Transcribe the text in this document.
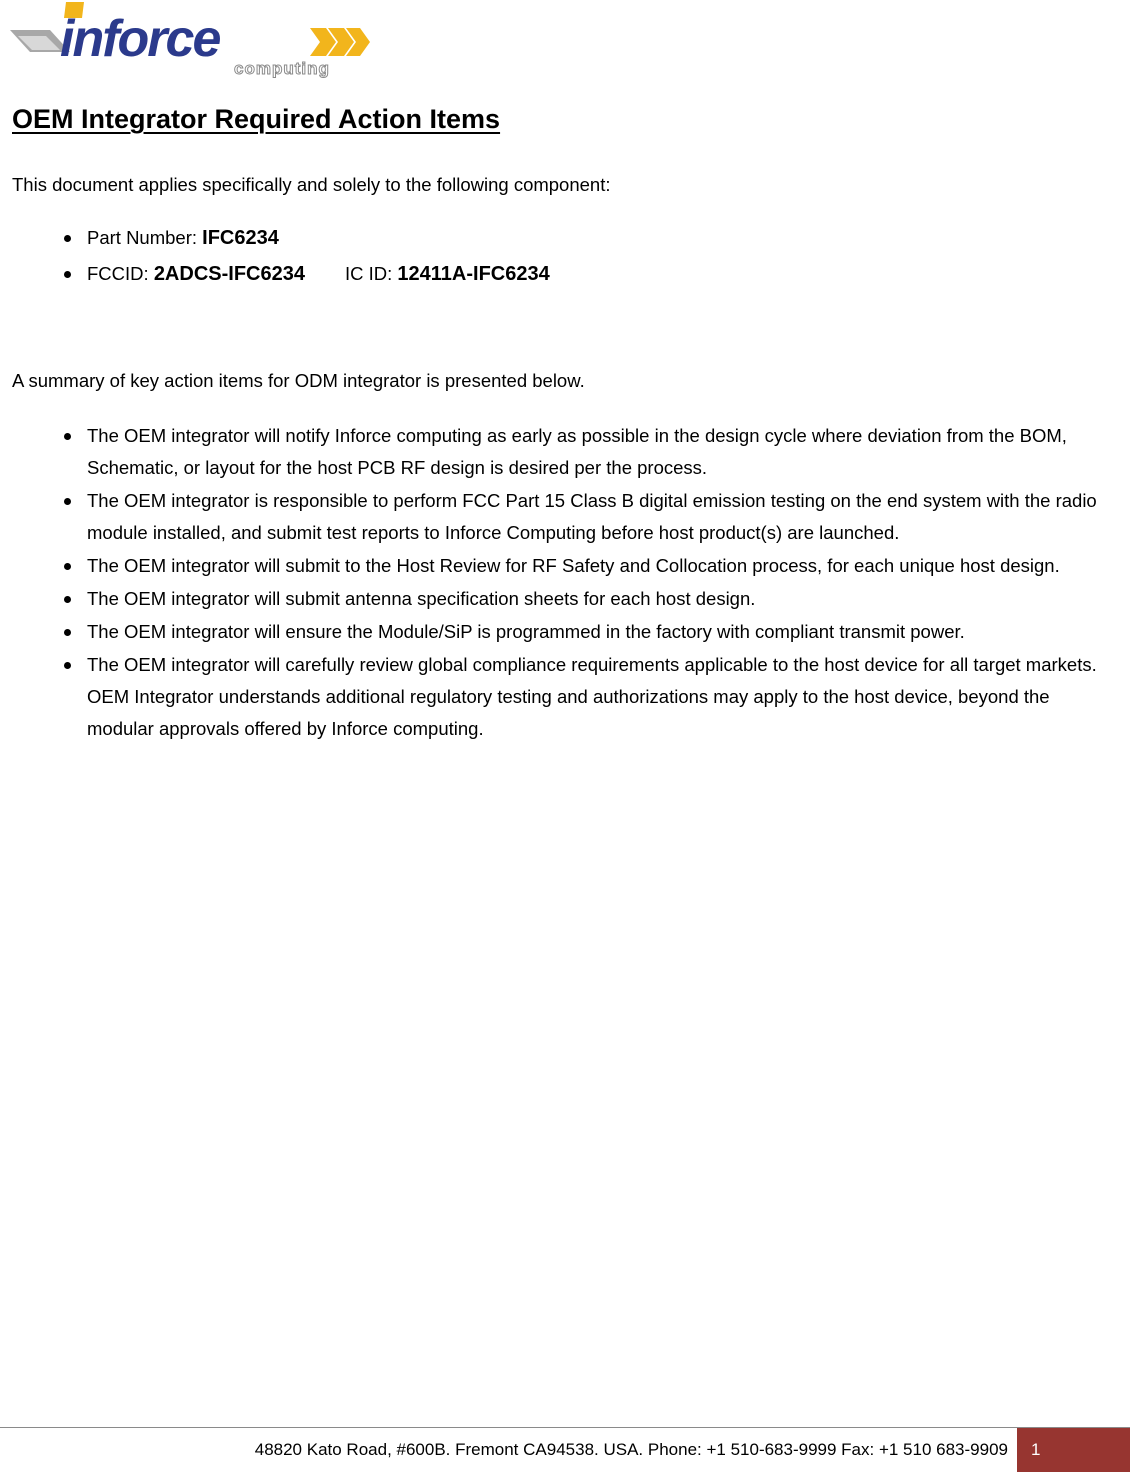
inforce
computing
OEM Integrator Required Action Items

This document applies specifically and solely to the following component:

Part Number: IFC6234
FCCID: 2ADCS-IFC6234 IC ID: 12411A-IFC6234

A summary of key action items for ODM integrator is presented below.

The OEM integrator will notify Inforce computing as early as possible in the design cycle where deviation from the BOM, Schematic, or layout for the host PCB RF design is desired per the process.
The OEM integrator is responsible to perform FCC Part 15 Class B digital emission testing on the end system with the radio module installed, and submit test reports to Inforce Computing before host product(s) are launched.
The OEM integrator will submit to the Host Review for RF Safety and Collocation process, for each unique host design.
The OEM integrator will submit antenna specification sheets for each host design.
The OEM integrator will ensure the Module/SiP is programmed in the factory with compliant transmit power.
The OEM integrator will carefully review global compliance requirements applicable to the host device for all target markets. OEM Integrator understands additional regulatory testing and authorizations may apply to the host device, beyond the modular approvals offered by Inforce computing.
48820 Kato Road, #600B. Fremont CA94538. USA. Phone: +1 510-683-9999 Fax: +1 510 683-9909	1
